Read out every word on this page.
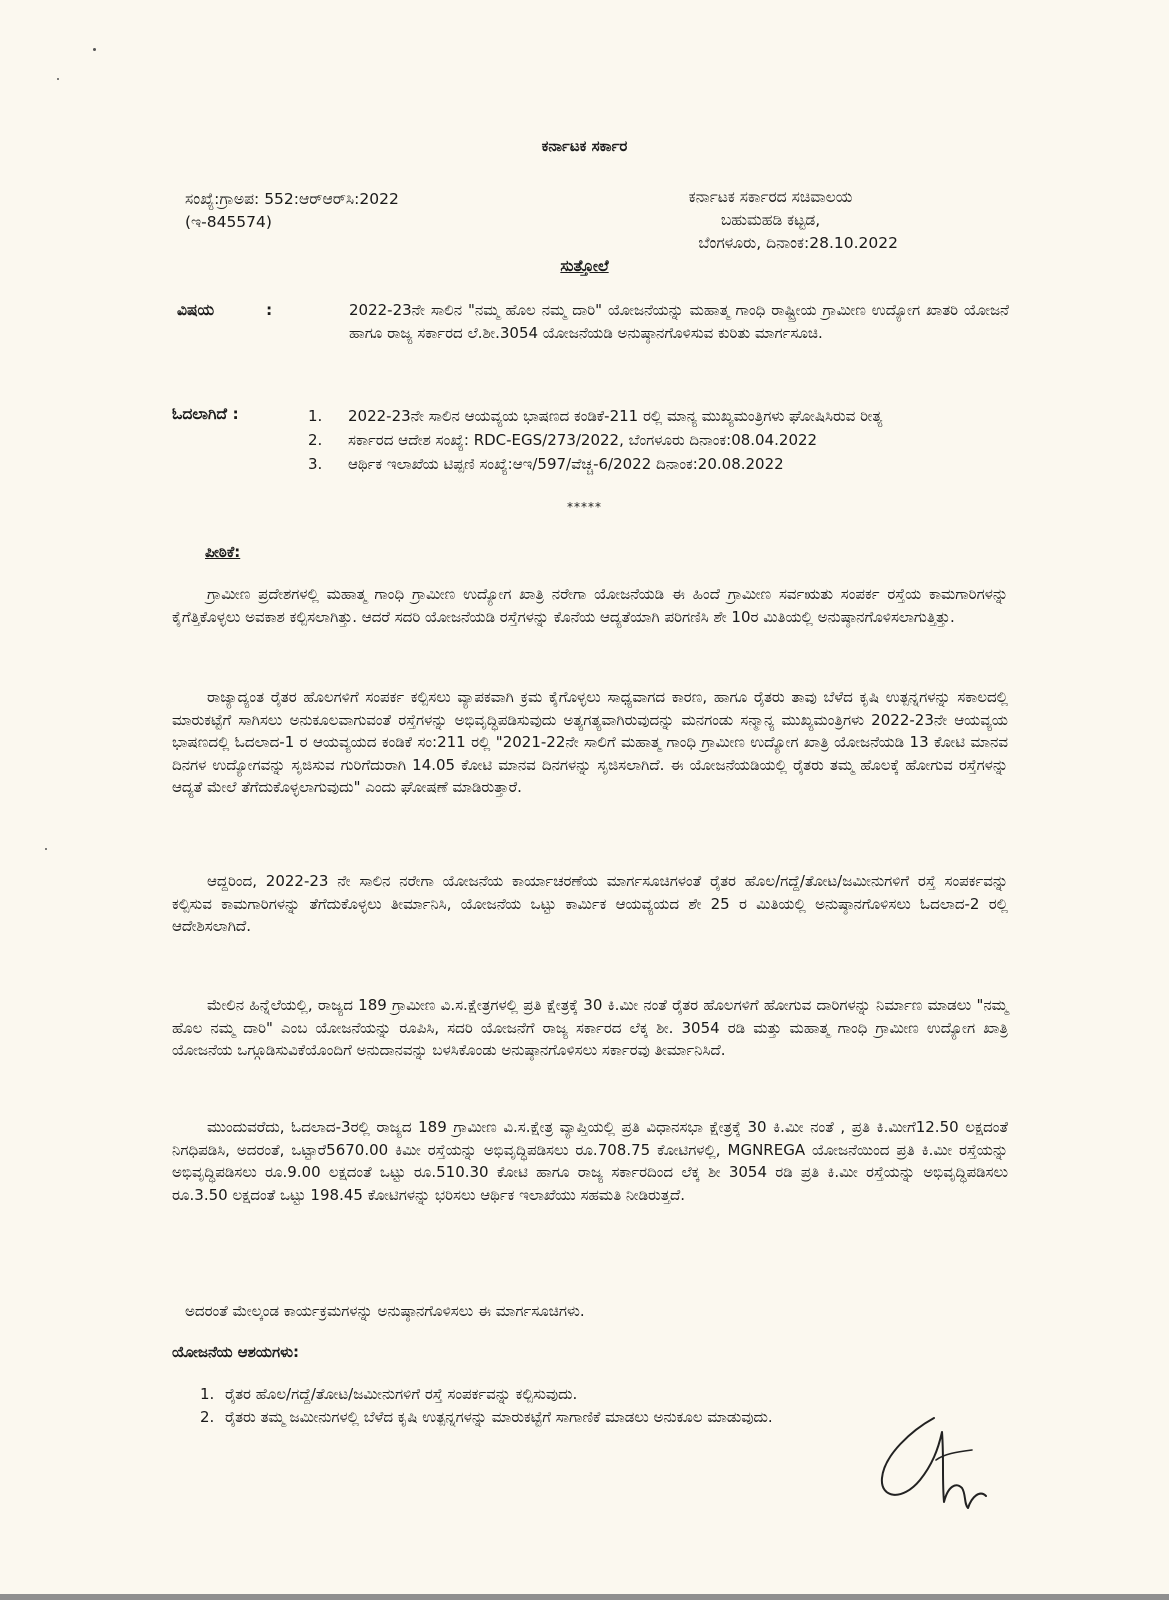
ಕರ್ನಾಟಕ ಸರ್ಕಾರ
ಸಂಖ್ಯೆ:ಗ್ರಾಅಪ: 552:ಆರ್‌ಆರ್‌ಸಿ:2022
(ಇ-845574)
ಕರ್ನಾಟಕ ಸರ್ಕಾರದ ಸಚಿವಾಲಯ
ಬಹುಮಹಡಿ ಕಟ್ಟಡ,
ಬೆಂಗಳೂರು, ದಿನಾಂಕ:28.10.2022
ಸುತ್ತೋಲೆ
ವಿಷಯ	:	2022-23ನೇ ಸಾಲಿನ "ನಮ್ಮ ಹೊಲ ನಮ್ಮ ದಾರಿ" ಯೋಜನೆಯನ್ನು ಮಹಾತ್ಮ ಗಾಂಧಿ ರಾಷ್ಟ್ರೀಯ ಗ್ರಾಮೀಣ ಉದ್ಯೋಗ ಖಾತರಿ ಯೋಜನೆ ಹಾಗೂ ರಾಜ್ಯ ಸರ್ಕಾರದ ಲೆ.ಶೀ.3054 ಯೋಜನೆಯಡಿ ಅನುಷ್ಠಾನಗೊಳಿಸುವ ಕುರಿತು ಮಾರ್ಗಸೂಚಿ.
ಓದಲಾಗಿದೆ :	1.	2022-23ನೇ ಸಾಲಿನ ಆಯವ್ಯಯ ಭಾಷಣದ ಕಂಡಿಕೆ-211 ರಲ್ಲಿ ಮಾನ್ಯ ಮುಖ್ಯಮಂತ್ರಿಗಳು ಘೋಷಿಸಿರುವ ರೀತ್ಯ
2.	ಸರ್ಕಾರದ ಆದೇಶ ಸಂಖ್ಯೆ: RDC-EGS/273/2022, ಬೆಂಗಳೂರು ದಿನಾಂಕ:08.04.2022
3.	ಆರ್ಥಿಕ ಇಲಾಖೆಯ ಟಿಪ್ಪಣಿ ಸಂಖ್ಯೆ:ಆಇ/597/ವೆಚ್ಚ-6/2022 ದಿನಾಂಕ:20.08.2022
*****
ಪೀಠಿಕೆ:
ಗ್ರಾಮೀಣ ಪ್ರದೇಶಗಳಲ್ಲಿ ಮಹಾತ್ಮ ಗಾಂಧಿ ಗ್ರಾಮೀಣ ಉದ್ಯೋಗ ಖಾತ್ರಿ ನರೇಗಾ ಯೋಜನೆಯಡಿ ಈ ಹಿಂದೆ ಗ್ರಾಮೀಣ ಸರ್ವಋತು ಸಂಪರ್ಕ ರಸ್ತೆಯ ಕಾಮಗಾರಿಗಳನ್ನು ಕೈಗೆತ್ತಿಕೊಳ್ಳಲು ಅವಕಾಶ ಕಲ್ಪಿಸಲಾಗಿತ್ತು. ಆದರೆ ಸದರಿ ಯೋಜನೆಯಡಿ ರಸ್ತೆಗಳನ್ನು ಕೊನೆಯ ಆದ್ಯತೆಯಾಗಿ ಪರಿಗಣಿಸಿ ಶೇ 10ರ ಮಿತಿಯಲ್ಲಿ ಅನುಷ್ಠಾನಗೊಳಿಸಲಾಗುತ್ತಿತ್ತು.
ರಾಜ್ಯಾದ್ಯಂತ ರೈತರ ಹೊಲಗಳಿಗೆ ಸಂಪರ್ಕ ಕಲ್ಪಿಸಲು ವ್ಯಾಪಕವಾಗಿ ಕ್ರಮ ಕೈಗೊಳ್ಳಲು ಸಾಧ್ಯವಾಗದ ಕಾರಣ, ಹಾಗೂ ರೈತರು ತಾವು ಬೆಳೆದ ಕೃಷಿ ಉತ್ಪನ್ನಗಳನ್ನು ಸಕಾಲದಲ್ಲಿ ಮಾರುಕಟ್ಟೆಗೆ ಸಾಗಿಸಲು ಅನುಕೂಲವಾಗುವಂತೆ ರಸ್ತೆಗಳನ್ನು ಅಭಿವೃದ್ಧಿಪಡಿಸುವುದು ಅತ್ಯಗತ್ಯವಾಗಿರುವುದನ್ನು ಮನಗಂಡು ಸನ್ಮಾನ್ಯ ಮುಖ್ಯಮಂತ್ರಿಗಳು 2022-23ನೇ ಆಯವ್ಯಯ ಭಾಷಣದಲ್ಲಿ ಓದಲಾದ-1 ರ ಆಯವ್ಯಯದ ಕಂಡಿಕೆ ಸಂ:211 ರಲ್ಲಿ "2021-22ನೇ ಸಾಲಿಗೆ ಮಹಾತ್ಮ ಗಾಂಧಿ ಗ್ರಾಮೀಣ ಉದ್ಯೋಗ ಖಾತ್ರಿ ಯೋಜನೆಯಡಿ 13 ಕೋಟಿ ಮಾನವ ದಿನಗಳ ಉದ್ಯೋಗವನ್ನು ಸೃಜಿಸುವ ಗುರಿಗೆದುರಾಗಿ 14.05 ಕೋಟಿ ಮಾನವ ದಿನಗಳನ್ನು ಸೃಜಿಸಲಾಗಿದೆ. ಈ ಯೋಜನೆಯಡಿಯಲ್ಲಿ ರೈತರು ತಮ್ಮ ಹೊಲಕ್ಕೆ ಹೋಗುವ ರಸ್ತೆಗಳನ್ನು ಆದ್ಯತೆ ಮೇಲೆ ತೆಗೆದುಕೊಳ್ಳಲಾಗುವುದು" ಎಂದು ಘೋಷಣೆ ಮಾಡಿರುತ್ತಾರೆ.
ಆದ್ದರಿಂದ, 2022-23 ನೇ ಸಾಲಿನ ನರೇಗಾ ಯೋಜನೆಯ ಕಾರ್ಯಾಚರಣೆಯ ಮಾರ್ಗಸೂಚಿಗಳಂತೆ ರೈತರ ಹೊಲ/ಗದ್ದೆ/ತೋಟ/ಜಮೀನುಗಳಿಗೆ ರಸ್ತೆ ಸಂಪರ್ಕವನ್ನು ಕಲ್ಪಿಸುವ ಕಾಮಗಾರಿಗಳನ್ನು ತೆಗೆದುಕೊಳ್ಳಲು ತೀರ್ಮಾನಿಸಿ, ಯೋಜನೆಯ ಒಟ್ಟು ಕಾರ್ಮಿಕ ಆಯವ್ಯಯದ ಶೇ 25 ರ ಮಿತಿಯಲ್ಲಿ ಅನುಷ್ಠಾನಗೊಳಿಸಲು ಓದಲಾದ-2 ರಲ್ಲಿ ಆದೇಶಿಸಲಾಗಿದೆ.
ಮೇಲಿನ ಹಿನ್ನೆಲೆಯಲ್ಲಿ, ರಾಜ್ಯದ 189 ಗ್ರಾಮೀಣ ವಿ.ಸ.ಕ್ಷೇತ್ರಗಳಲ್ಲಿ ಪ್ರತಿ ಕ್ಷೇತ್ರಕ್ಕೆ 30 ಕಿ.ಮೀ ನಂತೆ ರೈತರ ಹೊಲಗಳಿಗೆ ಹೋಗುವ ದಾರಿಗಳನ್ನು ನಿರ್ಮಾಣ ಮಾಡಲು "ನಮ್ಮ ಹೊಲ ನಮ್ಮ ದಾರಿ" ಎಂಬ ಯೋಜನೆಯನ್ನು ರೂಪಿಸಿ, ಸದರಿ ಯೋಜನೆಗೆ ರಾಜ್ಯ ಸರ್ಕಾರದ ಲೆಕ್ಕ ಶೀ. 3054 ರಡಿ ಮತ್ತು ಮಹಾತ್ಮ ಗಾಂಧಿ ಗ್ರಾಮೀಣ ಉದ್ಯೋಗ ಖಾತ್ರಿ ಯೋಜನೆಯ ಒಗ್ಗೂಡಿಸುವಿಕೆಯೊಂದಿಗೆ ಅನುದಾನವನ್ನು ಬಳಸಿಕೊಂಡು ಅನುಷ್ಠಾನಗೊಳಿಸಲು ಸರ್ಕಾರವು ತೀರ್ಮಾನಿಸಿದೆ.
ಮುಂದುವರೆದು, ಓದಲಾದ-3ರಲ್ಲಿ ರಾಜ್ಯದ 189 ಗ್ರಾಮೀಣ ವಿ.ಸ.ಕ್ಷೇತ್ರ ವ್ಯಾಪ್ತಿಯಲ್ಲಿ ಪ್ರತಿ ವಿಧಾನಸಭಾ ಕ್ಷೇತ್ರಕ್ಕೆ 30 ಕಿ.ಮೀ ನಂತೆ , ಪ್ರತಿ ಕಿ.ಮೀಗೆ12.50 ಲಕ್ಷದಂತೆ ನಿಗಧಿಪಡಿಸಿ, ಅದರಂತೆ, ಒಟ್ಟಾರೆ5670.00 ಕಿಮೀ ರಸ್ತೆಯನ್ನು ಅಭಿವೃದ್ಧಿಪಡಿಸಲು ರೂ.708.75 ಕೋಟಿಗಳಲ್ಲಿ, MGNREGA ಯೋಜನೆಯಿಂದ ಪ್ರತಿ ಕಿ.ಮೀ ರಸ್ತೆಯನ್ನು ಅಭಿವೃದ್ಧಿಪಡಿಸಲು ರೂ.9.00 ಲಕ್ಷದಂತೆ ಒಟ್ಟು ರೂ.510.30 ಕೋಟಿ ಹಾಗೂ ರಾಜ್ಯ ಸರ್ಕಾರದಿಂದ ಲೆಕ್ಕ ಶೀ 3054 ರಡಿ ಪ್ರತಿ ಕಿ.ಮೀ ರಸ್ತೆಯನ್ನು ಅಭಿವೃದ್ಧಿಪಡಿಸಲು ರೂ.3.50 ಲಕ್ಷದಂತೆ ಒಟ್ಟು 198.45 ಕೋಟಿಗಳನ್ನು ಭರಿಸಲು ಆರ್ಥಿಕ ಇಲಾಖೆಯು ಸಹಮತಿ ನೀಡಿರುತ್ತದೆ.
ಅದರಂತೆ ಮೇಲ್ಕಂಡ ಕಾರ್ಯಕ್ರಮಗಳನ್ನು ಅನುಷ್ಠಾನಗೊಳಿಸಲು ಈ ಮಾರ್ಗಸೂಚಿಗಳು.
ಯೋಜನೆಯ ಆಶಯಗಳು:
1. ರೈತರ ಹೊಲ/ಗದ್ದೆ/ತೋಟ/ಜಮೀನುಗಳಿಗೆ ರಸ್ತೆ ಸಂಪರ್ಕವನ್ನು ಕಲ್ಪಿಸುವುದು.
2. ರೈತರು ತಮ್ಮ ಜಮೀನುಗಳಲ್ಲಿ ಬೆಳೆದ ಕೃಷಿ ಉತ್ಪನ್ನಗಳನ್ನು ಮಾರುಕಟ್ಟೆಗೆ ಸಾಗಾಣಿಕೆ ಮಾಡಲು ಅನುಕೂಲ ಮಾಡುವುದು.
